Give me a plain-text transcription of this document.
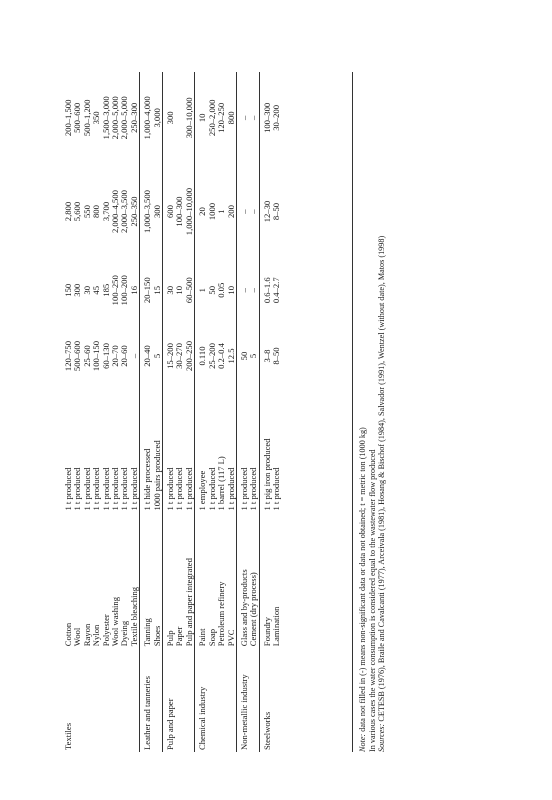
Textiles	Cotton	1 t produced	120–750	150	2,800	200–1,500
	Wool	1 t produced	500–600	300	5,600	500–600
	Rayon	1 t produced	25–60	30	550	500–1,200
	Nylon	1 t produced	100–150	45	800	350
	Polyester	1 t produced	60–130	185	3,700	1,500–3,000
	Wool washing	1 t produced	20–70	100–250	2,000–4,500	2,000–5,000
	Dyeing	1 t produced	20–60	100–200	2,000–3,500	2,000–5,000
	Textile bleaching	1 t produced	–	16	250–350	250–300
Leather and tanneries	Tanning	1 t hide processed	20–40	20–150	1,000–3,500	1,000–4,000
	Shoes	1000 pairs produced	5	15	300	3,000
Pulp and paper	Pulp	1 t produced	15–200	30	600	300
	Paper	1 t produced	30–270	10	100–300	
	Pulp and paper integrated	1 t produced	200–250	60–500	1,000–10,000	300–10,000
Chemical industry	Paint	1 employee	0.110	1	20	10
	Soap	1 t produced	25–200	50	1000	250–2,000
	Petroleum refinery	1 barrel (117 L)	0.2–0.4	0.05	1	120–250
	PVC	1 t produced	12.5	10	200	800
Non-metallic industry	Glass and by-products	1 t produced	50	–	–	–
	Cement (dry process)	1 t produced	5	–	–	–
Steelworks	Foundry	1 t pig iron produced	3–8	0.6–1.6	12–30	100–300
	Lamination	1 t produced	8–50	0.4–2.7	8–50	30–200
Note: data not filled in (-) means non-significant data or data not obtained; t = metric ton (1000 kg) In various cases the water consumption is considered equal to the wastewater flow produced Sources: CETESB (1976), Braile and Cavalcanti (1977), Arceivala (1981), Hosang & Bischof (1984), Salvador (1991), Wentzel (without date), Matos (1998)
